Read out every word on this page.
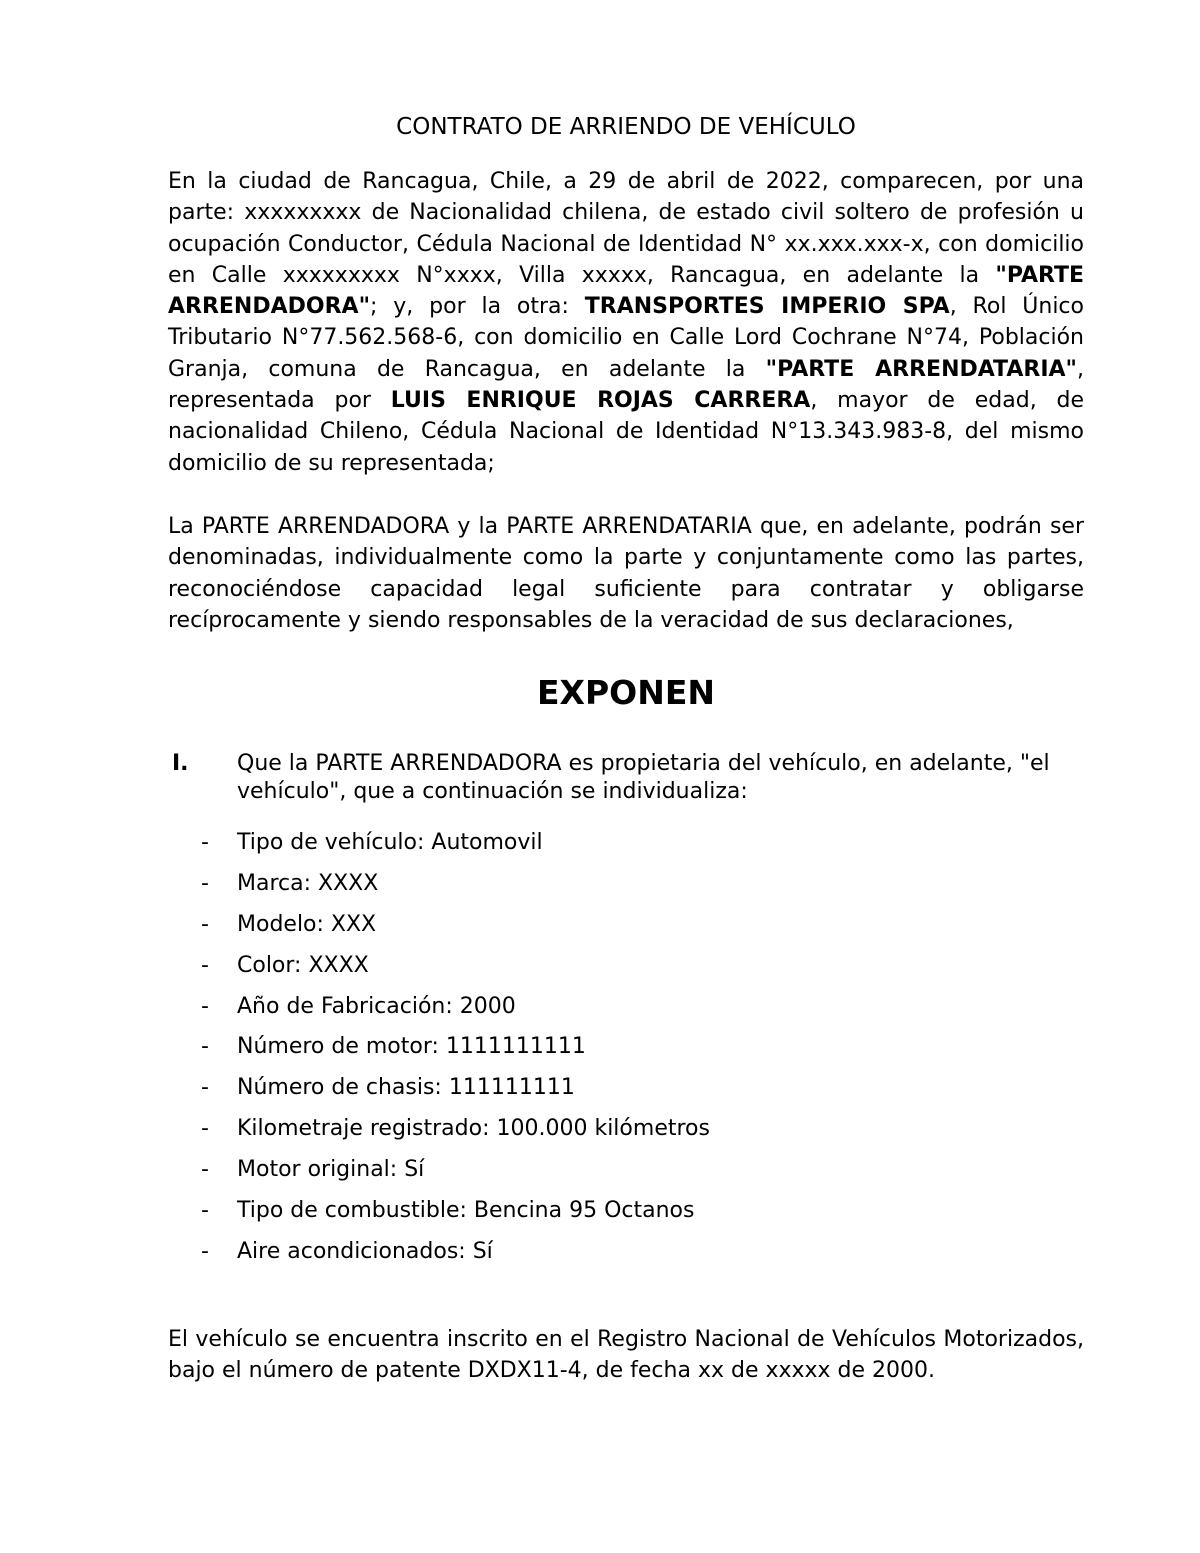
CONTRATO DE ARRIENDO DE VEHÍCULO

En la ciudad de Rancagua, Chile, a 29 de abril de 2022, comparecen, por una parte: xxxxxxxxx de Nacionalidad chilena, de estado civil soltero de profesión u ocupación Conductor, Cédula Nacional de Identidad N° xx.xxx.xxx-x, con domicilio en Calle xxxxxxxxx N°xxxx, Villa xxxxx, Rancagua, en adelante la "PARTE ARRENDADORA"; y, por la otra: TRANSPORTES IMPERIO SPA, Rol Único Tributario N°77.562.568-6, con domicilio en Calle Lord Cochrane N°74, Población Granja, comuna de Rancagua, en adelante la "PARTE ARRENDATARIA", representada por LUIS ENRIQUE ROJAS CARRERA, mayor de edad, de nacionalidad Chileno, Cédula Nacional de Identidad N°13.343.983-8, del mismo domicilio de su representada;

La PARTE ARRENDADORA y la PARTE ARRENDATARIA que, en adelante, podrán ser denominadas, individualmente como la parte y conjuntamente como las partes, reconociéndose capacidad legal suficiente para contratar y obligarse recíprocamente y siendo responsables de la veracidad de sus declaraciones,

EXPONEN
I. Que la PARTE ARRENDADORA es propietaria del vehículo, en adelante, "el vehículo", que a continuación se individualiza:
- Tipo de vehículo: Automovil
- Marca: XXXX
- Modelo: XXX
- Color: XXXX
- Año de Fabricación: 2000
- Número de motor: 1111111111
- Número de chasis: 111111111
- Kilometraje registrado: 100.000 kilómetros
- Motor original: Sí
- Tipo de combustible: Bencina 95 Octanos
- Aire acondicionados: Sí

El vehículo se encuentra inscrito en el Registro Nacional de Vehículos Motorizados, bajo el número de patente DXDX11-4, de fecha xx de xxxxx de 2000.
